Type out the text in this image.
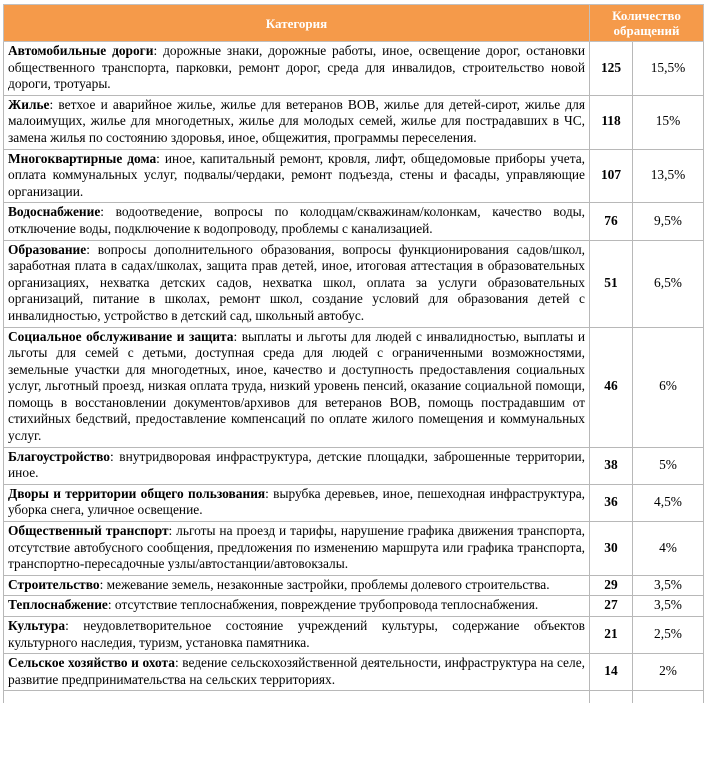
Категория	Количество обращений	
Автомобильные дороги: дорожные знаки, дорожные работы, иное, освещение дорог, остановки общественного транспорта, парковки, ремонт дорог, среда для инвалидов, строительство новой дороги, тротуары.	125	15,5%
Жилье: ветхое и аварийное жилье, жилье для ветеранов ВОВ, жилье для детей-сирот, жилье для малоимущих, жилье для многодетных, жилье для молодых семей, жилье для пострадавших в ЧС, замена жилья по состоянию здоровья, иное, общежития, программы переселения.	118	15%
Многоквартирные дома: иное, капитальный ремонт, кровля, лифт, общедомовые приборы учета, оплата коммунальных услуг, подвалы/чердаки, ремонт подъезда, стены и фасады, управляющие организации.	107	13,5%
Водоснабжение: водоотведение, вопросы по колодцам/скважинам/колонкам, качество воды, отключение воды, подключение к водопроводу, проблемы с канализацией.	76	9,5%
Образование: вопросы дополнительного образования, вопросы функционирования садов/школ, заработная плата в садах/школах, защита прав детей, иное, итоговая аттестация в образовательных организациях, нехватка детских садов, нехватка школ, оплата за услуги образовательных организаций, питание в школах, ремонт школ, создание условий для образования детей с инвалидностью, устройство в детский сад, школьный автобус.	51	6,5%
Социальное обслуживание и защита: выплаты и льготы для людей с инвалидностью, выплаты и льготы для семей с детьми, доступная среда для людей с ограниченными возможностями, земельные участки для многодетных, иное, качество и доступность предоставления социальных услуг, льготный проезд, низкая оплата труда, низкий уровень пенсий, оказание социальной помощи, помощь в восстановлении документов/архивов для ветеранов ВОВ, помощь пострадавшим от стихийных бедствий, предоставление компенсаций по оплате жилого помещения и коммунальных услуг.	46	6%
Благоустройство: внутридворовая инфраструктура, детские площадки, заброшенные территории, иное.	38	5%
Дворы и территории общего пользования: вырубка деревьев, иное, пешеходная инфраструктура, уборка снега, уличное освещение.	36	4,5%
Общественный транспорт: льготы на проезд и тарифы, нарушение графика движения транспорта, отсутствие автобусного сообщения, предложения по изменению маршрута или графика транспорта, транспортно-пересадочные узлы/автостанции/автовокзалы.	30	4%
Строительство: межевание земель, незаконные застройки, проблемы долевого строительства.	29	3,5%
Теплоснабжение: отсутствие теплоснабжения, повреждение трубопровода теплоснабжения.	27	3,5%
Культура: неудовлетворительное состояние учреждений культуры, содержание объектов культурного наследия, туризм, установка памятника.	21	2,5%
Сельское хозяйство и охота: ведение сельскохозяйственной деятельности, инфраструктура на селе, развитие предпринимательства на сельских территориях.	14	2%
